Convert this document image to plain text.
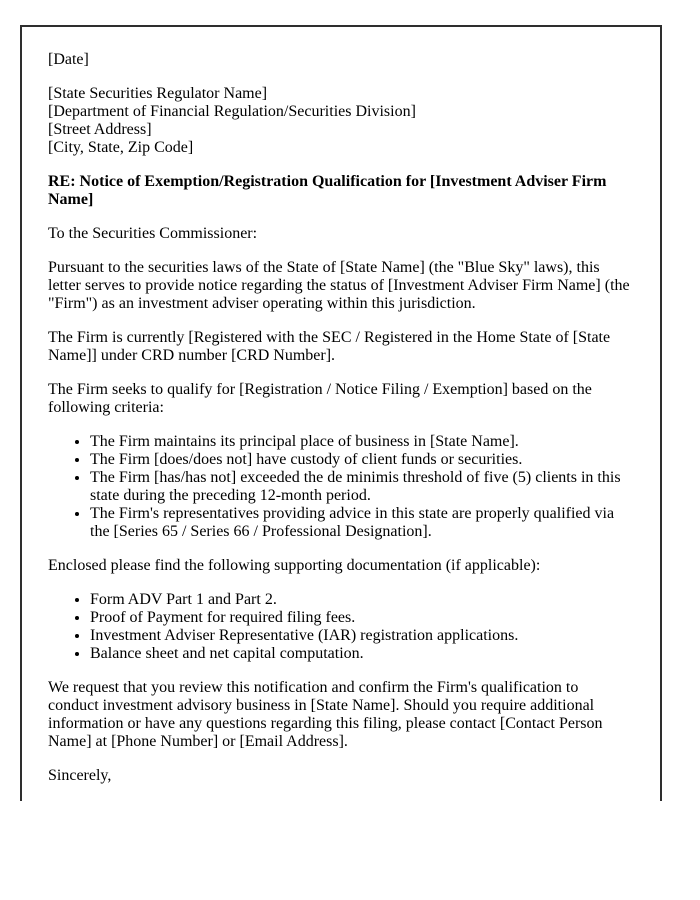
[Date]

[State Securities Regulator Name]
[Department of Financial Regulation/Securities Division]
[Street Address]
[City, State, Zip Code]

RE: Notice of Exemption/Registration Qualification for [Investment Adviser Firm Name]

To the Securities Commissioner:

Pursuant to the securities laws of the State of [State Name] (the "Blue Sky" laws), this letter serves to provide notice regarding the status of [Investment Adviser Firm Name] (the "Firm") as an investment adviser operating within this jurisdiction.

The Firm is currently [Registered with the SEC / Registered in the Home State of [State Name]] under CRD number [CRD Number].

The Firm seeks to qualify for [Registration / Notice Filing / Exemption] based on the following criteria:

• The Firm maintains its principal place of business in [State Name].
• The Firm [does/does not] have custody of client funds or securities.
• The Firm [has/has not] exceeded the de minimis threshold of five (5) clients in this state during the preceding 12-month period.
• The Firm's representatives providing advice in this state are properly qualified via the [Series 65 / Series 66 / Professional Designation].

Enclosed please find the following supporting documentation (if applicable):

• Form ADV Part 1 and Part 2.
• Proof of Payment for required filing fees.
• Investment Adviser Representative (IAR) registration applications.
• Balance sheet and net capital computation.

We request that you review this notification and confirm the Firm's qualification to conduct investment advisory business in [State Name]. Should you require additional information or have any questions regarding this filing, please contact [Contact Person Name] at [Phone Number] or [Email Address].

Sincerely,
